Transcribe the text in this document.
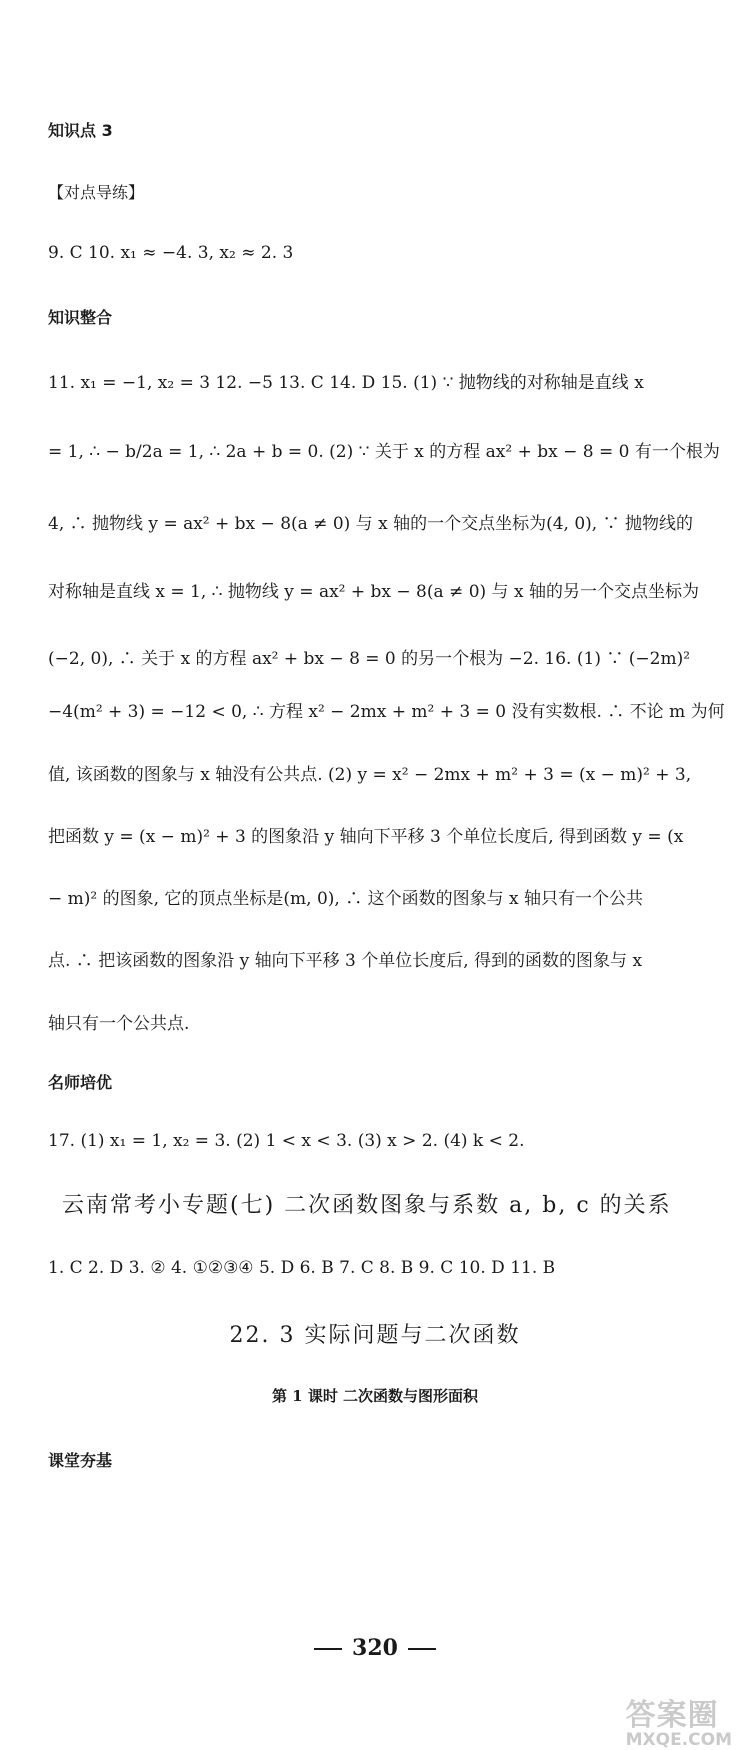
知识点 3
【对点导练】
9. C 10. x₁ ≈ −4. 3, x₂ ≈ 2. 3
知识整合
11. x₁ = −1, x₂ = 3 12. −5 13. C 14. D 15. (1) ∵ 抛物线的对称轴是直线 x
= 1, ∴ − b/2a = 1, ∴ 2a + b = 0. (2) ∵ 关于 x 的方程 ax² + bx − 8 = 0 有一个根为
4, ∴ 抛物线 y = ax² + bx − 8(a ≠ 0) 与 x 轴的一个交点坐标为(4, 0), ∵ 抛物线的
对称轴是直线 x = 1, ∴ 抛物线 y = ax² + bx − 8(a ≠ 0) 与 x 轴的另一个交点坐标为
(−2, 0), ∴ 关于 x 的方程 ax² + bx − 8 = 0 的另一个根为 −2. 16. (1) ∵ (−2m)²
−4(m² + 3) = −12 < 0, ∴ 方程 x² − 2mx + m² + 3 = 0 没有实数根. ∴ 不论 m 为何
值, 该函数的图象与 x 轴没有公共点. (2) y = x² − 2mx + m² + 3 = (x − m)² + 3,
把函数 y = (x − m)² + 3 的图象沿 y 轴向下平移 3 个单位长度后, 得到函数 y = (x
− m)² 的图象, 它的顶点坐标是(m, 0), ∴ 这个函数的图象与 x 轴只有一个公共
点. ∴ 把该函数的图象沿 y 轴向下平移 3 个单位长度后, 得到的函数的图象与 x
轴只有一个公共点.
名师培优
17. (1) x₁ = 1, x₂ = 3. (2) 1 < x < 3. (3) x > 2. (4) k < 2.
云南常考小专题(七) 二次函数图象与系数 a, b, c 的关系
1. C 2. D 3. ② 4. ①②③④ 5. D 6. B 7. C 8. B 9. C 10. D 11. B
22. 3 实际问题与二次函数
第 1 课时 二次函数与图形面积
课堂夯基
320
答案圈
MXQE.COM
